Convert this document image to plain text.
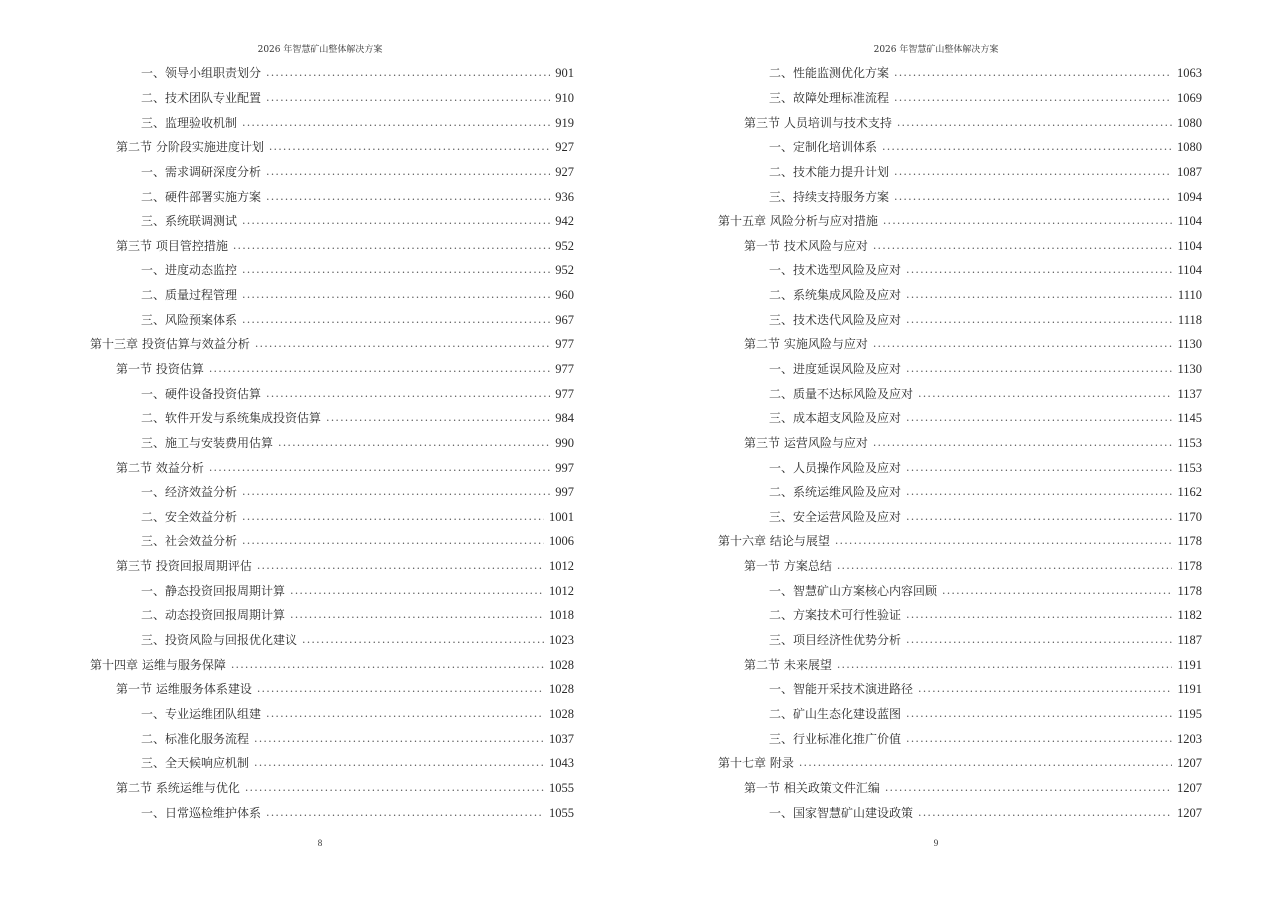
2026 年智慧矿山整体解决方案
一、领导小组职责划分 .....	901
二、技术团队专业配置 .....	910
三、监理验收机制 .....	919
第二节 分阶段实施进度计划 .....	927
一、需求调研深度分析 .....	927
二、硬件部署实施方案 .....	936
三、系统联调测试 .....	942
第三节 项目管控措施 .....	952
一、进度动态监控 .....	952
二、质量过程管理 .....	960
三、风险预案体系 .....	967
第十三章 投资估算与效益分析 .....	977
第一节 投资估算 .....	977
一、硬件设备投资估算 .....	977
二、软件开发与系统集成投资估算 .....	984
三、施工与安装费用估算 .....	990
第二节 效益分析 .....	997
一、经济效益分析 .....	997
二、安全效益分析 .....	1001
三、社会效益分析 .....	1006
第三节 投资回报周期评估 .....	1012
一、静态投资回报周期计算 .....	1012
二、动态投资回报周期计算 .....	1018
三、投资风险与回报优化建议 .....	1023
第十四章 运维与服务保障 .....	1028
第一节 运维服务体系建设 .....	1028
一、专业运维团队组建 .....	1028
二、标准化服务流程 .....	1037
三、全天候响应机制 .....	1043
第二节 系统运维与优化 .....	1055
一、日常巡检维护体系 .....	1055
8
2026 年智慧矿山整体解决方案
二、性能监测优化方案 .....	1063
三、故障处理标准流程 .....	1069
第三节 人员培训与技术支持 .....	1080
一、定制化培训体系 .....	1080
二、技术能力提升计划 .....	1087
三、持续支持服务方案 .....	1094
第十五章 风险分析与应对措施 .....	1104
第一节 技术风险与应对 .....	1104
一、技术选型风险及应对 .....	1104
二、系统集成风险及应对 .....	1110
三、技术迭代风险及应对 .....	1118
第二节 实施风险与应对 .....	1130
一、进度延误风险及应对 .....	1130
二、质量不达标风险及应对 .....	1137
三、成本超支风险及应对 .....	1145
第三节 运营风险与应对 .....	1153
一、人员操作风险及应对 .....	1153
二、系统运维风险及应对 .....	1162
三、安全运营风险及应对 .....	1170
第十六章 结论与展望 .....	1178
第一节 方案总结 .....	1178
一、智慧矿山方案核心内容回顾 .....	1178
二、方案技术可行性验证 .....	1182
三、项目经济性优势分析 .....	1187
第二节 未来展望 .....	1191
一、智能开采技术演进路径 .....	1191
二、矿山生态化建设蓝图 .....	1195
三、行业标准化推广价值 .....	1203
第十七章 附录 .....	1207
第一节 相关政策文件汇编 .....	1207
一、国家智慧矿山建设政策 .....	1207
9
